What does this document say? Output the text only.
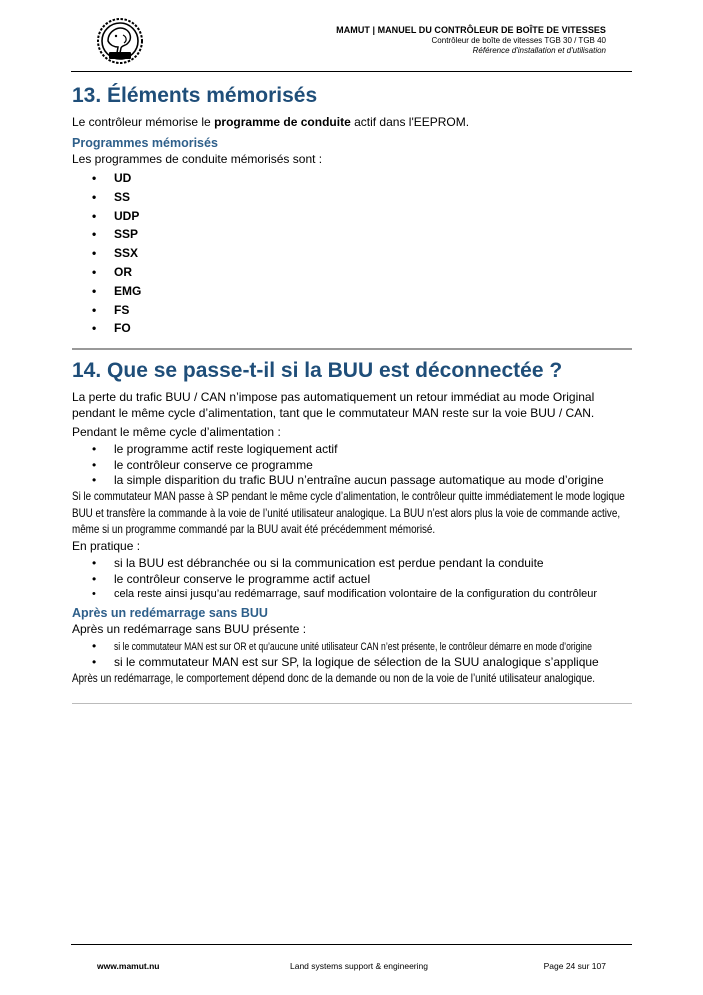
MAMUT | MANUEL DU CONTRÔLEUR DE BOÎTE DE VITESSES
Contrôleur de boîte de vitesses TGB 30 / TGB 40
Référence d'installation et d'utilisation
13. Éléments mémorisés

Le contrôleur mémorise le programme de conduite actif dans l'EEPROM.

Programmes mémorisés

Les programmes de conduite mémorisés sont :

• UD
• SS
• UDP
• SSP
• SSX
• OR
• EMG
• FS
• FO
14. Que se passe-t-il si la BUU est déconnectée ?

La perte du trafic BUU / CAN n’impose pas automatiquement un retour immédiat au mode Original pendant le même cycle d’alimentation, tant que le commutateur MAN reste sur la voie BUU / CAN.

Pendant le même cycle d’alimentation :

• le programme actif reste logiquement actif
• le contrôleur conserve ce programme
• la simple disparition du trafic BUU n’entraîne aucun passage automatique au mode d’origine

Si le commutateur MAN passe à SP pendant le même cycle d’alimentation, le contrôleur quitte immédiatement le mode logique BUU et transfère la commande à la voie de l’unité utilisateur analogique. La BUU n’est alors plus la voie de commande active, même si un programme commandé par la BUU avait été précédemment mémorisé.

En pratique :

• si la BUU est débranchée ou si la communication est perdue pendant la conduite
• le contrôleur conserve le programme actif actuel
• cela reste ainsi jusqu’au redémarrage, sauf modification volontaire de la configuration du contrôleur
Après un redémarrage sans BUU

Après un redémarrage sans BUU présente :

• si le commutateur MAN est sur OR et qu’aucune unité utilisateur CAN n’est présente, le contrôleur démarre en mode d’origine
• si le commutateur MAN est sur SP, la logique de sélection de la SUU analogique s’applique

Après un redémarrage, le comportement dépend donc de la demande ou non de la voie de l’unité utilisateur analogique.

www.mamut.nu	Land systems support & engineering	Page 24 sur 107
